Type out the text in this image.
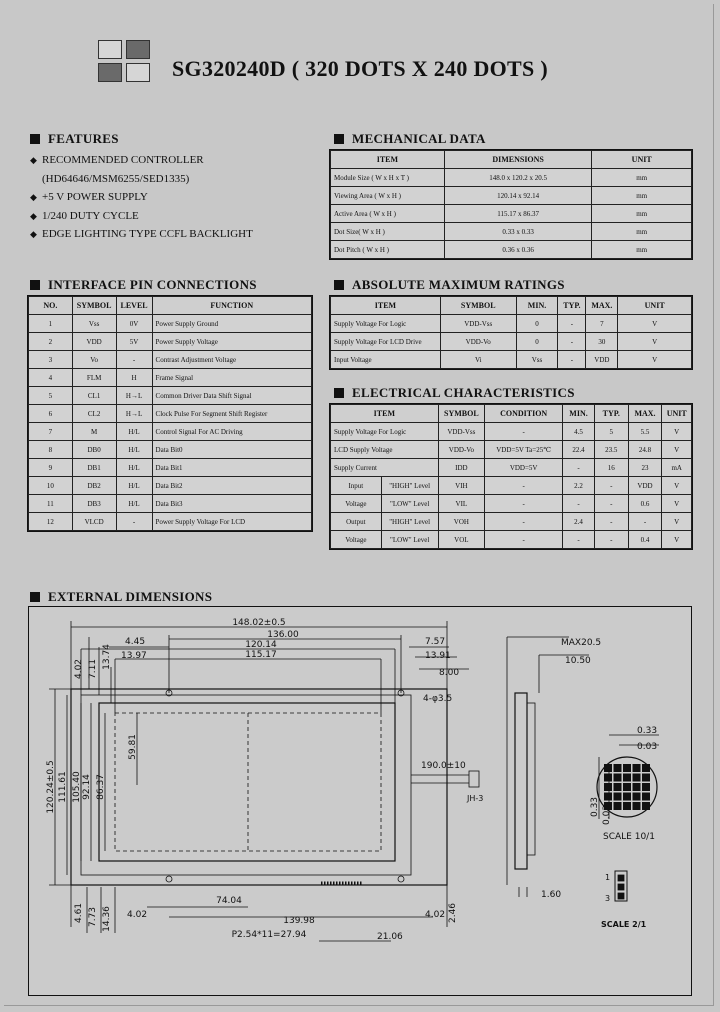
SG320240D ( 320 DOTS X 240 DOTS )
FEATURES
◆ RECOMMENDED CONTROLLER
(HD64646/MSM6255/SED1335)
◆ +5 V POWER SUPPLY
◆ 1/240 DUTY CYCLE
◆ EDGE LIGHTING TYPE CCFL BACKLIGHT
MECHANICAL DATA
ITEM	DIMENSIONS	UNIT
Module Size ( W x H x T )	148.0 x 120.2 x 20.5	mm
Viewing Area ( W x H )	120.14 x 92.14	mm
Active Area ( W x H )	115.17 x 86.37	mm
Dot Size( W x H )	0.33 x 0.33	mm
Dot Pitch ( W x H )	0.36 x 0.36	mm
INTERFACE PIN CONNECTIONS
NO.	SYMBOL	LEVEL	FUNCTION
1	Vss	0V	Power Supply Ground
2	VDD	5V	Power Supply Voltage
3	Vo	-	Contrast Adjustment Voltage
4	FLM	H	Frame Signal
5	CL1	H→L	Common Driver Data Shift Signal
6	CL2	H→L	Clock Pulse For Segment Shift Register
7	M	H/L	Control Signal For AC Driving
8	DB0	H/L	Data Bit0
9	DB1	H/L	Data Bit1
10	DB2	H/L	Data Bit2
11	DB3	H/L	Data Bit3
12	VLCD	-	Power Supply Voltage For LCD
ABSOLUTE MAXIMUM RATINGS
ITEM	SYMBOL	MIN.	TYP.	MAX.	UNIT
Supply Voltage For Logic	VDD-Vss	0	-	7	V
Supply Voltage For LCD Drive	VDD-Vo	0	-	30	V
Input Voltage	Vi	Vss	-	VDD	V
ELECTRICAL CHARACTERISTICS
ITEM		SYMBOL	CONDITION	MIN.	TYP.	MAX.	UNIT
Supply Voltage For Logic		VDD-Vss	-	4.5	5	5.5	V
LCD Supply Voltage		VDD-Vo	VDD=5V Ta=25℃	22.4	23.5	24.8	V
Supply Current		IDD	VDD=5V	-	16	23	mA
Input	"HIGH" Level	VIH	-	2.2	-	VDD	V
Voltage	"LOW" Level	VIL	-	-	-	0.6	V
Output	"HIGH" Level	VOH	-	2.4	-	-	V
Voltage	"LOW" Level	VOL	-	-	-	0.4	V
EXTERNAL DIMENSIONS
148.02±0.5
136.00
120.14
115.17
4.45
13.97
7.57
13.91
8.00
4-φ3.5
120.24±0.5 111.61 105.40 92.14 86.37
59.81
4.02 7.11 13.74
190.0±10
JH-3
74.04
139.98
4.02	4.02
4.61 7.73 14.36	2.46
P2.54*11=27.94	21.06
MAX20.5
10.50
1.60
0.33
0.03
0.33 0.03
SCALE 10/1
1
3
SCALE 2/1
